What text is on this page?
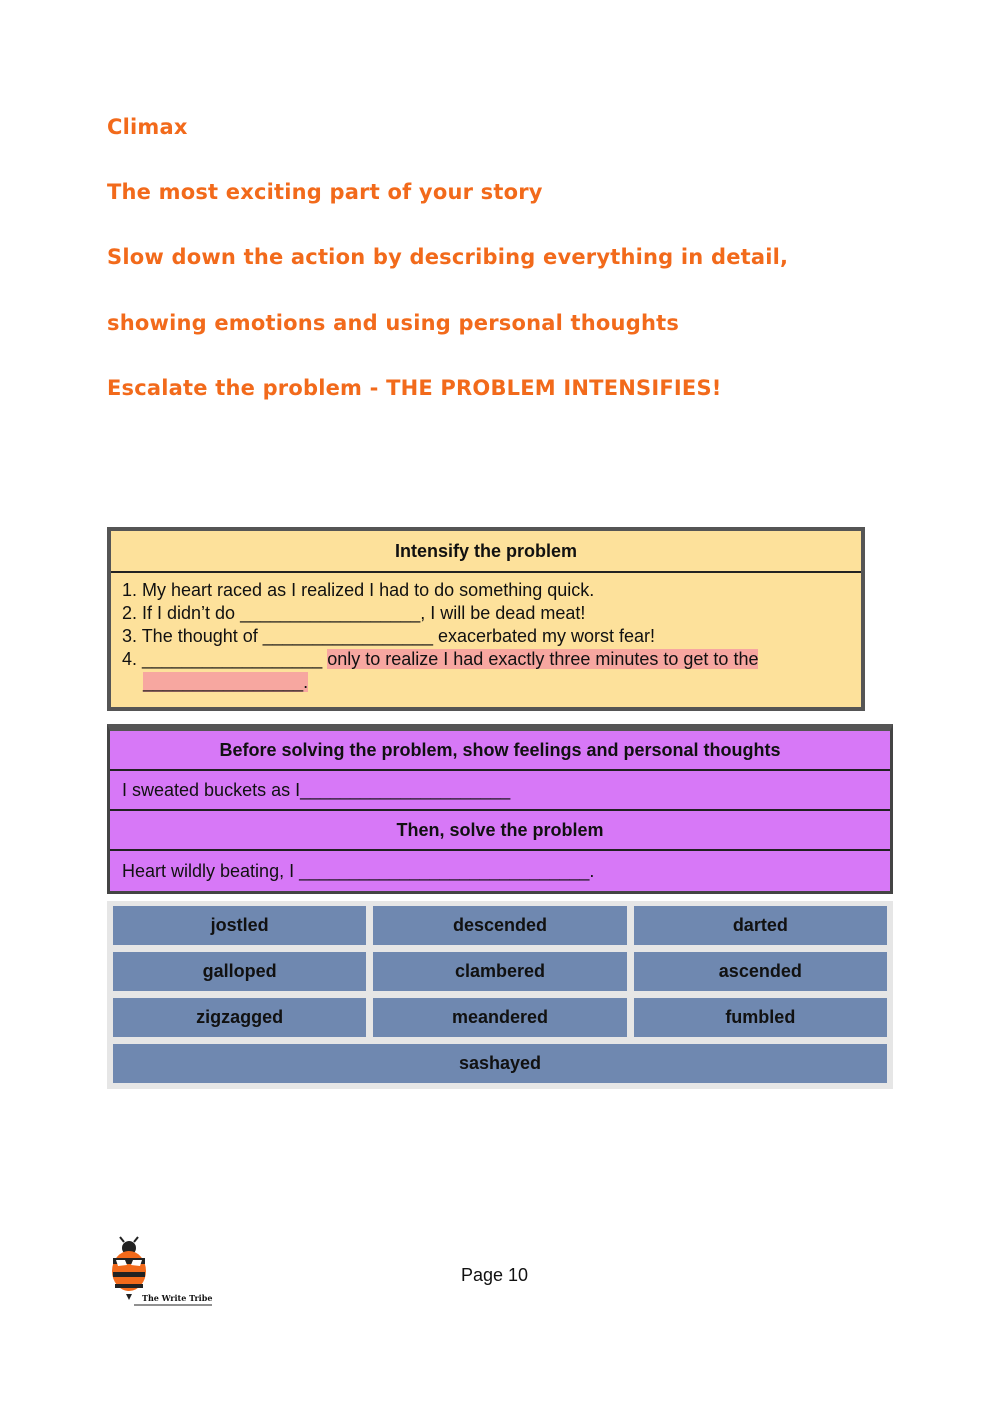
Climax
The most exciting part of your story
Slow down the action by describing everything in detail,
showing emotions and using personal thoughts
Escalate the problem - THE PROBLEM INTENSIFIES!
Intensify the problem
1. My heart raced as I realized I had to do something quick.
2. If I didn’t do __________________, I will be dead meat!
3. The thought of _________________ exacerbated my worst fear!
4. __________________ only to realize I had exactly three minutes to get to the
________________.
Before solving the problem, show feelings and personal thoughts
I sweated buckets as I_____________________
Then, solve the problem
Heart wildly beating, I _____________________________.
jostled	descended	darted
galloped	clambered	ascended
zigzagged	meandered	fumbled
sashayed
The Write Tribe
Page 10
